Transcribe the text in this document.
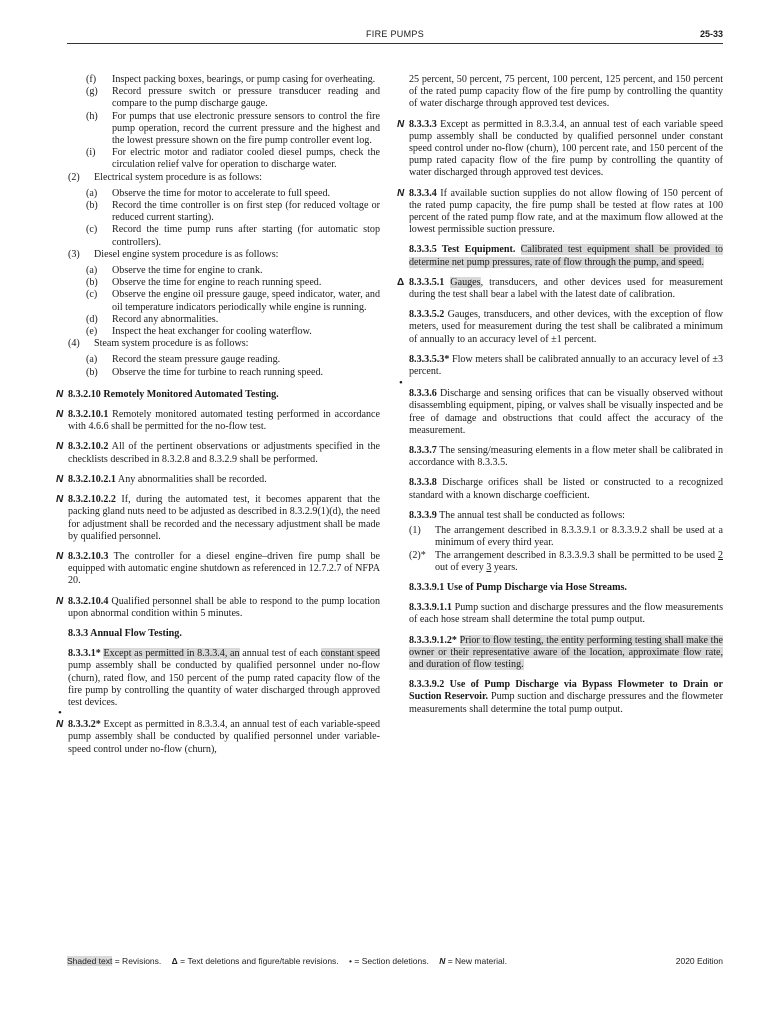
FIRE PUMPS	25-33
(f)	Inspect packing boxes, bearings, or pump casing for overheating.
(g)	Record pressure switch or pressure transducer reading and compare to the pump discharge gauge.
(h)	For pumps that use electronic pressure sensors to control the fire pump operation, record the current pressure and the highest and the lowest pressure shown on the fire pump controller event log.
(i)	For electric motor and radiator cooled diesel pumps, check the circulation relief valve for operation to discharge water.
(2)	Electrical system procedure is as follows:
(a)	Observe the time for motor to accelerate to full speed.
(b)	Record the time controller is on first step (for reduced voltage or reduced current starting).
(c)	Record the time pump runs after starting (for automatic stop controllers).
(3)	Diesel engine system procedure is as follows:
(a)	Observe the time for engine to crank.
(b)	Observe the time for engine to reach running speed.
(c)	Observe the engine oil pressure gauge, speed indicator, water, and oil temperature indicators periodically while engine is running.
(d)	Record any abnormalities.
(e)	Inspect the heat exchanger for cooling waterflow.
(4)	Steam system procedure is as follows:
(a)	Record the steam pressure gauge reading.
(b)	Observe the time for turbine to reach running speed.

N 8.3.2.10 Remotely Monitored Automated Testing.

N 8.3.2.10.1 Remotely monitored automated testing performed in accordance with 4.6.6 shall be permitted for the no-flow test.

N 8.3.2.10.2 All of the pertinent observations or adjustments specified in the checklists described in 8.3.2.8 and 8.3.2.9 shall be performed.

N 8.3.2.10.2.1 Any abnormalities shall be recorded.

N 8.3.2.10.2.2 If, during the automated test, it becomes apparent that the packing gland nuts need to be adjusted as described in 8.3.2.9(1)(d), the need for adjustment shall be recorded and the necessary adjustment shall be made by qualified personnel.

N 8.3.2.10.3 The controller for a diesel engine–driven fire pump shall be equipped with automatic engine shutdown as referenced in 12.7.2.7 of NFPA 20.

N 8.3.2.10.4 Qualified personnel shall be able to respond to the pump location upon abnormal condition within 5 minutes.

8.3.3 Annual Flow Testing.

8.3.3.1* Except as permitted in 8.3.3.4, an annual test of each constant speed pump assembly shall be conducted by qualified personnel under no-flow (churn), rated flow, and 150 percent of the pump rated capacity flow of the fire pump by controlling the quantity of water discharged through approved test devices.

•

N 8.3.3.2* Except as permitted in 8.3.3.4, an annual test of each variable-speed pump assembly shall be conducted by qualified personnel under variable-speed control under no-flow (churn),

25 percent, 50 percent, 75 percent, 100 percent, 125 percent, and 150 percent of the rated pump capacity flow of the fire pump by controlling the quantity of water discharge through approved test devices.

N 8.3.3.3 Except as permitted in 8.3.3.4, an annual test of each variable speed pump assembly shall be conducted by qualified personnel under constant speed control under no-flow (churn), 100 percent rate, and 150 percent of the pump rated capacity flow of the fire pump by controlling the quantity of water discharged through approved test devices.

N 8.3.3.4 If available suction supplies do not allow flowing of 150 percent of the rated pump capacity, the fire pump shall be tested at flow rates at 100 percent of the rated pump flow rate, and at the maximum flow allowed at the lowest permissible suction pressure.

8.3.3.5 Test Equipment. Calibrated test equipment shall be provided to determine net pump pressures, rate of flow through the pump, and speed.

Δ 8.3.3.5.1 Gauges, transducers, and other devices used for measurement during the test shall bear a label with the latest date of calibration.

8.3.3.5.2 Gauges, transducers, and other devices, with the exception of flow meters, used for measurement during the test shall be calibrated a minimum of annually to an accuracy level of ±1 percent.

8.3.3.5.3* Flow meters shall be calibrated annually to an accuracy level of ±3 percent.

•

8.3.3.6 Discharge and sensing orifices that can be visually observed without disassembling equipment, piping, or valves shall be visually inspected and be free of damage and obstructions that could affect the accuracy of the measurement.

8.3.3.7 The sensing/measuring elements in a flow meter shall be calibrated in accordance with 8.3.3.5.

8.3.3.8 Discharge orifices shall be listed or constructed to a recognized standard with a known discharge coefficient.

8.3.3.9 The annual test shall be conducted as follows:

(1)	The arrangement described in 8.3.3.9.1 or 8.3.3.9.2 shall be used at a minimum of every third year.
(2)* The arrangement described in 8.3.3.9.3 shall be permitted to be used 2 out of every 3 years.

8.3.3.9.1 Use of Pump Discharge via Hose Streams.

8.3.3.9.1.1 Pump suction and discharge pressures and the flow measurements of each hose stream shall determine the total pump output.

8.3.3.9.1.2* Prior to flow testing, the entity performing testing shall make the owner or their representative aware of the location, approximate flow rate, and duration of flow testing.

8.3.3.9.2 Use of Pump Discharge via Bypass Flowmeter to Drain or Suction Reservoir. Pump suction and discharge pressures and the flowmeter measurements shall determine the total pump output.

Shaded text = Revisions. Δ = Text deletions and figure/table revisions. • = Section deletions. N = New material.	2020 Edition
